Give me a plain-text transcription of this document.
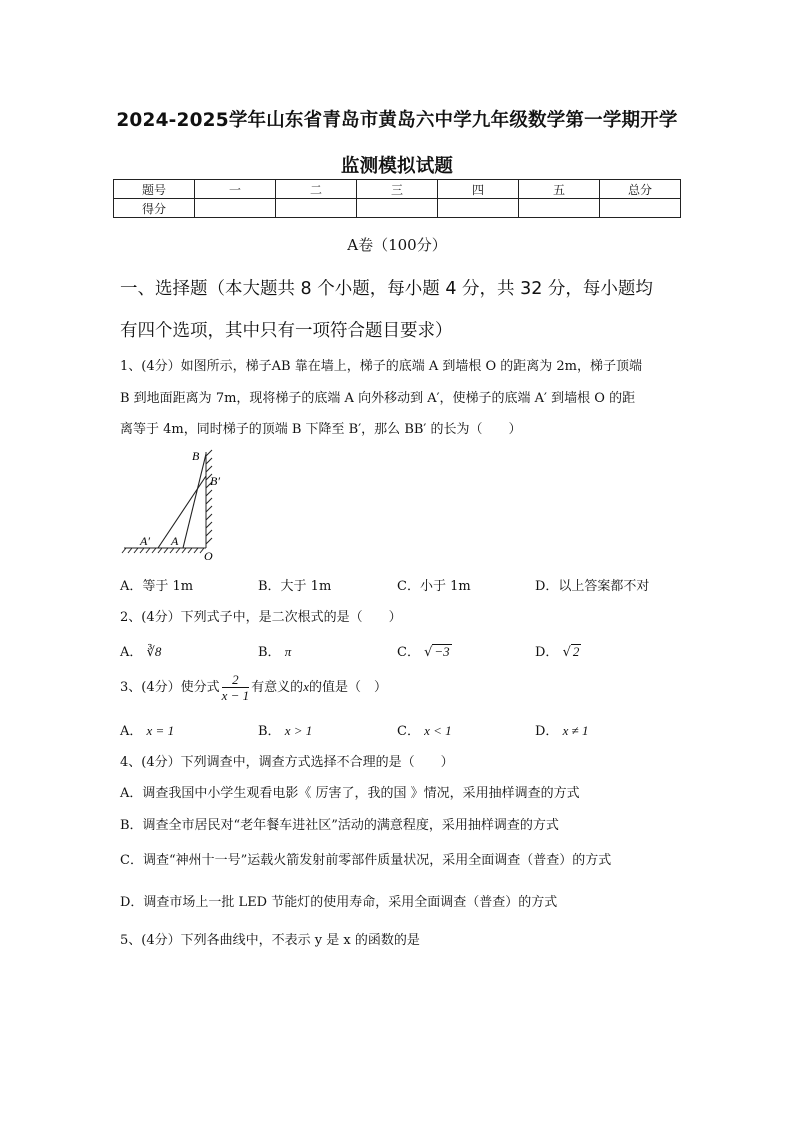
2024-2025学年山东省青岛市黄岛六中学九年级数学第一学期开学
监测模拟试题
题号	一	二	三	四	五	总分
得分						
A卷（100分）
一、选择题（本大题共 8 个小题，每小题 4 分，共 32 分，每小题均
有四个选项，其中只有一项符合题目要求）
1、(4分）如图所示，梯子AB 靠在墙上，梯子的底端 A 到墙根 O 的距离为 2m，梯子顶端
B 到地面距离为 7m，现将梯子的底端 A 向外移动到 A′，使梯子的底端 A′ 到墙根 O 的距
离等于 4m，同时梯子的顶端 B 下降至 B′，那么 BB′ 的长为（　　）
B
B′
A′ A
O
A．等于 1m	B．大于 1m	C．小于 1m	D．以上答案都不对
2、(4分）下列式子中，是二次根式的是（　　）
A． ∛8	B． π	C． √ −3	D． √ 2
3、(4分）使分式 $\frac{2}{x - 1}$ 有意义的x的值是（　）
A． x = 1	B． x > 1	C． x < 1	D． x ≠ 1
4、(4分）下列调查中，调查方式选择不合理的是（　　）
A．调查我国中小学生观看电影《 厉害了，我的国 》情况，采用抽样调查的方式
B．调查全市居民对“老年餐车进社区”活动的满意程度，采用抽样调查的方式
C．调查“神州十一号”运载火箭发射前零部件质量状况，采用全面调查（普查）的方式
D．调查市场上一批 LED 节能灯的使用寿命，采用全面调查（普查）的方式
5、(4分）下列各曲线中，不表示 y 是 x 的函数的是
